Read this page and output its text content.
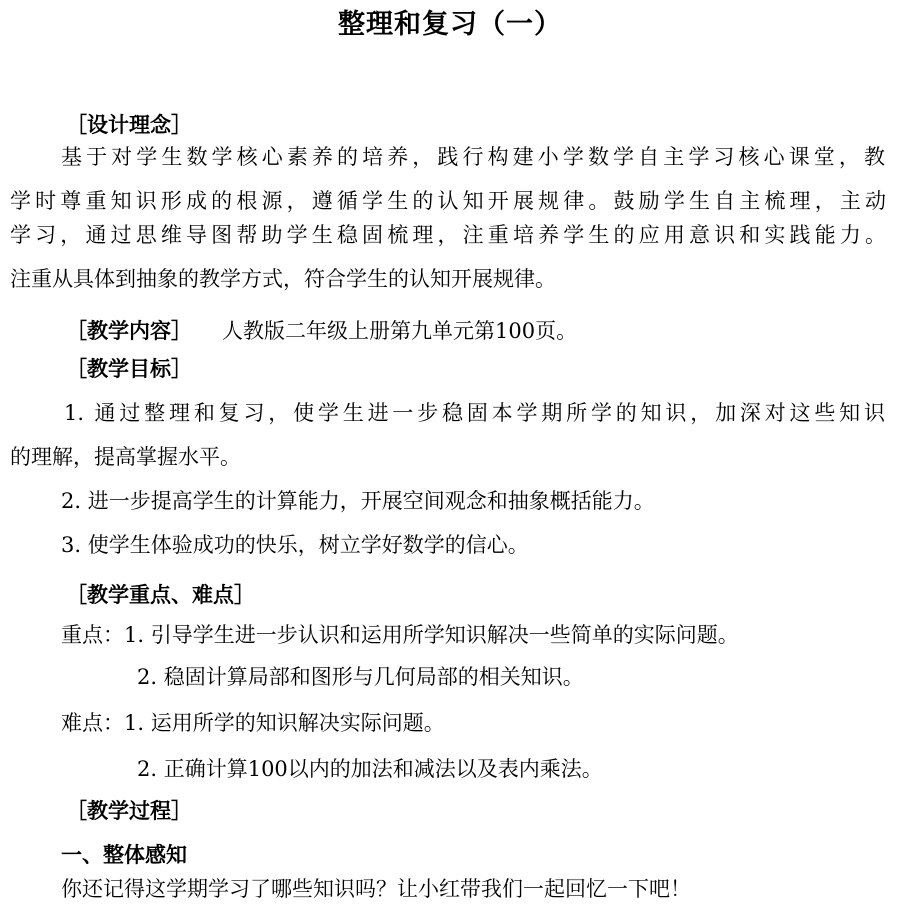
整理和复习（一）
［设计理念］
基于对学生数学核心素养的培养，践行构建小学数学自主学习核心课堂，教
学时尊重知识形成的根源，遵循学生的认知开展规律。鼓励学生自主梳理，主动
学习，通过思维导图帮助学生稳固梳理，注重培养学生的应用意识和实践能力。
注重从具体到抽象的教学方式，符合学生的认知开展规律。
［教学内容］ 人教版二年级上册第九单元第100页。
［教学目标］
1. 通过整理和复习，使学生进一步稳固本学期所学的知识，加深对这些知识
的理解，提高掌握水平。
2. 进一步提高学生的计算能力，开展空间观念和抽象概括能力。
3. 使学生体验成功的快乐，树立学好数学的信心。
［教学重点、难点］
重点：1. 引导学生进一步认识和运用所学知识解决一些简单的实际问题。
2. 稳固计算局部和图形与几何局部的相关知识。
难点：1. 运用所学的知识解决实际问题。
2. 正确计算100以内的加法和减法以及表内乘法。
［教学过程］
一、整体感知
你还记得这学期学习了哪些知识吗？让小红带我们一起回忆一下吧！
